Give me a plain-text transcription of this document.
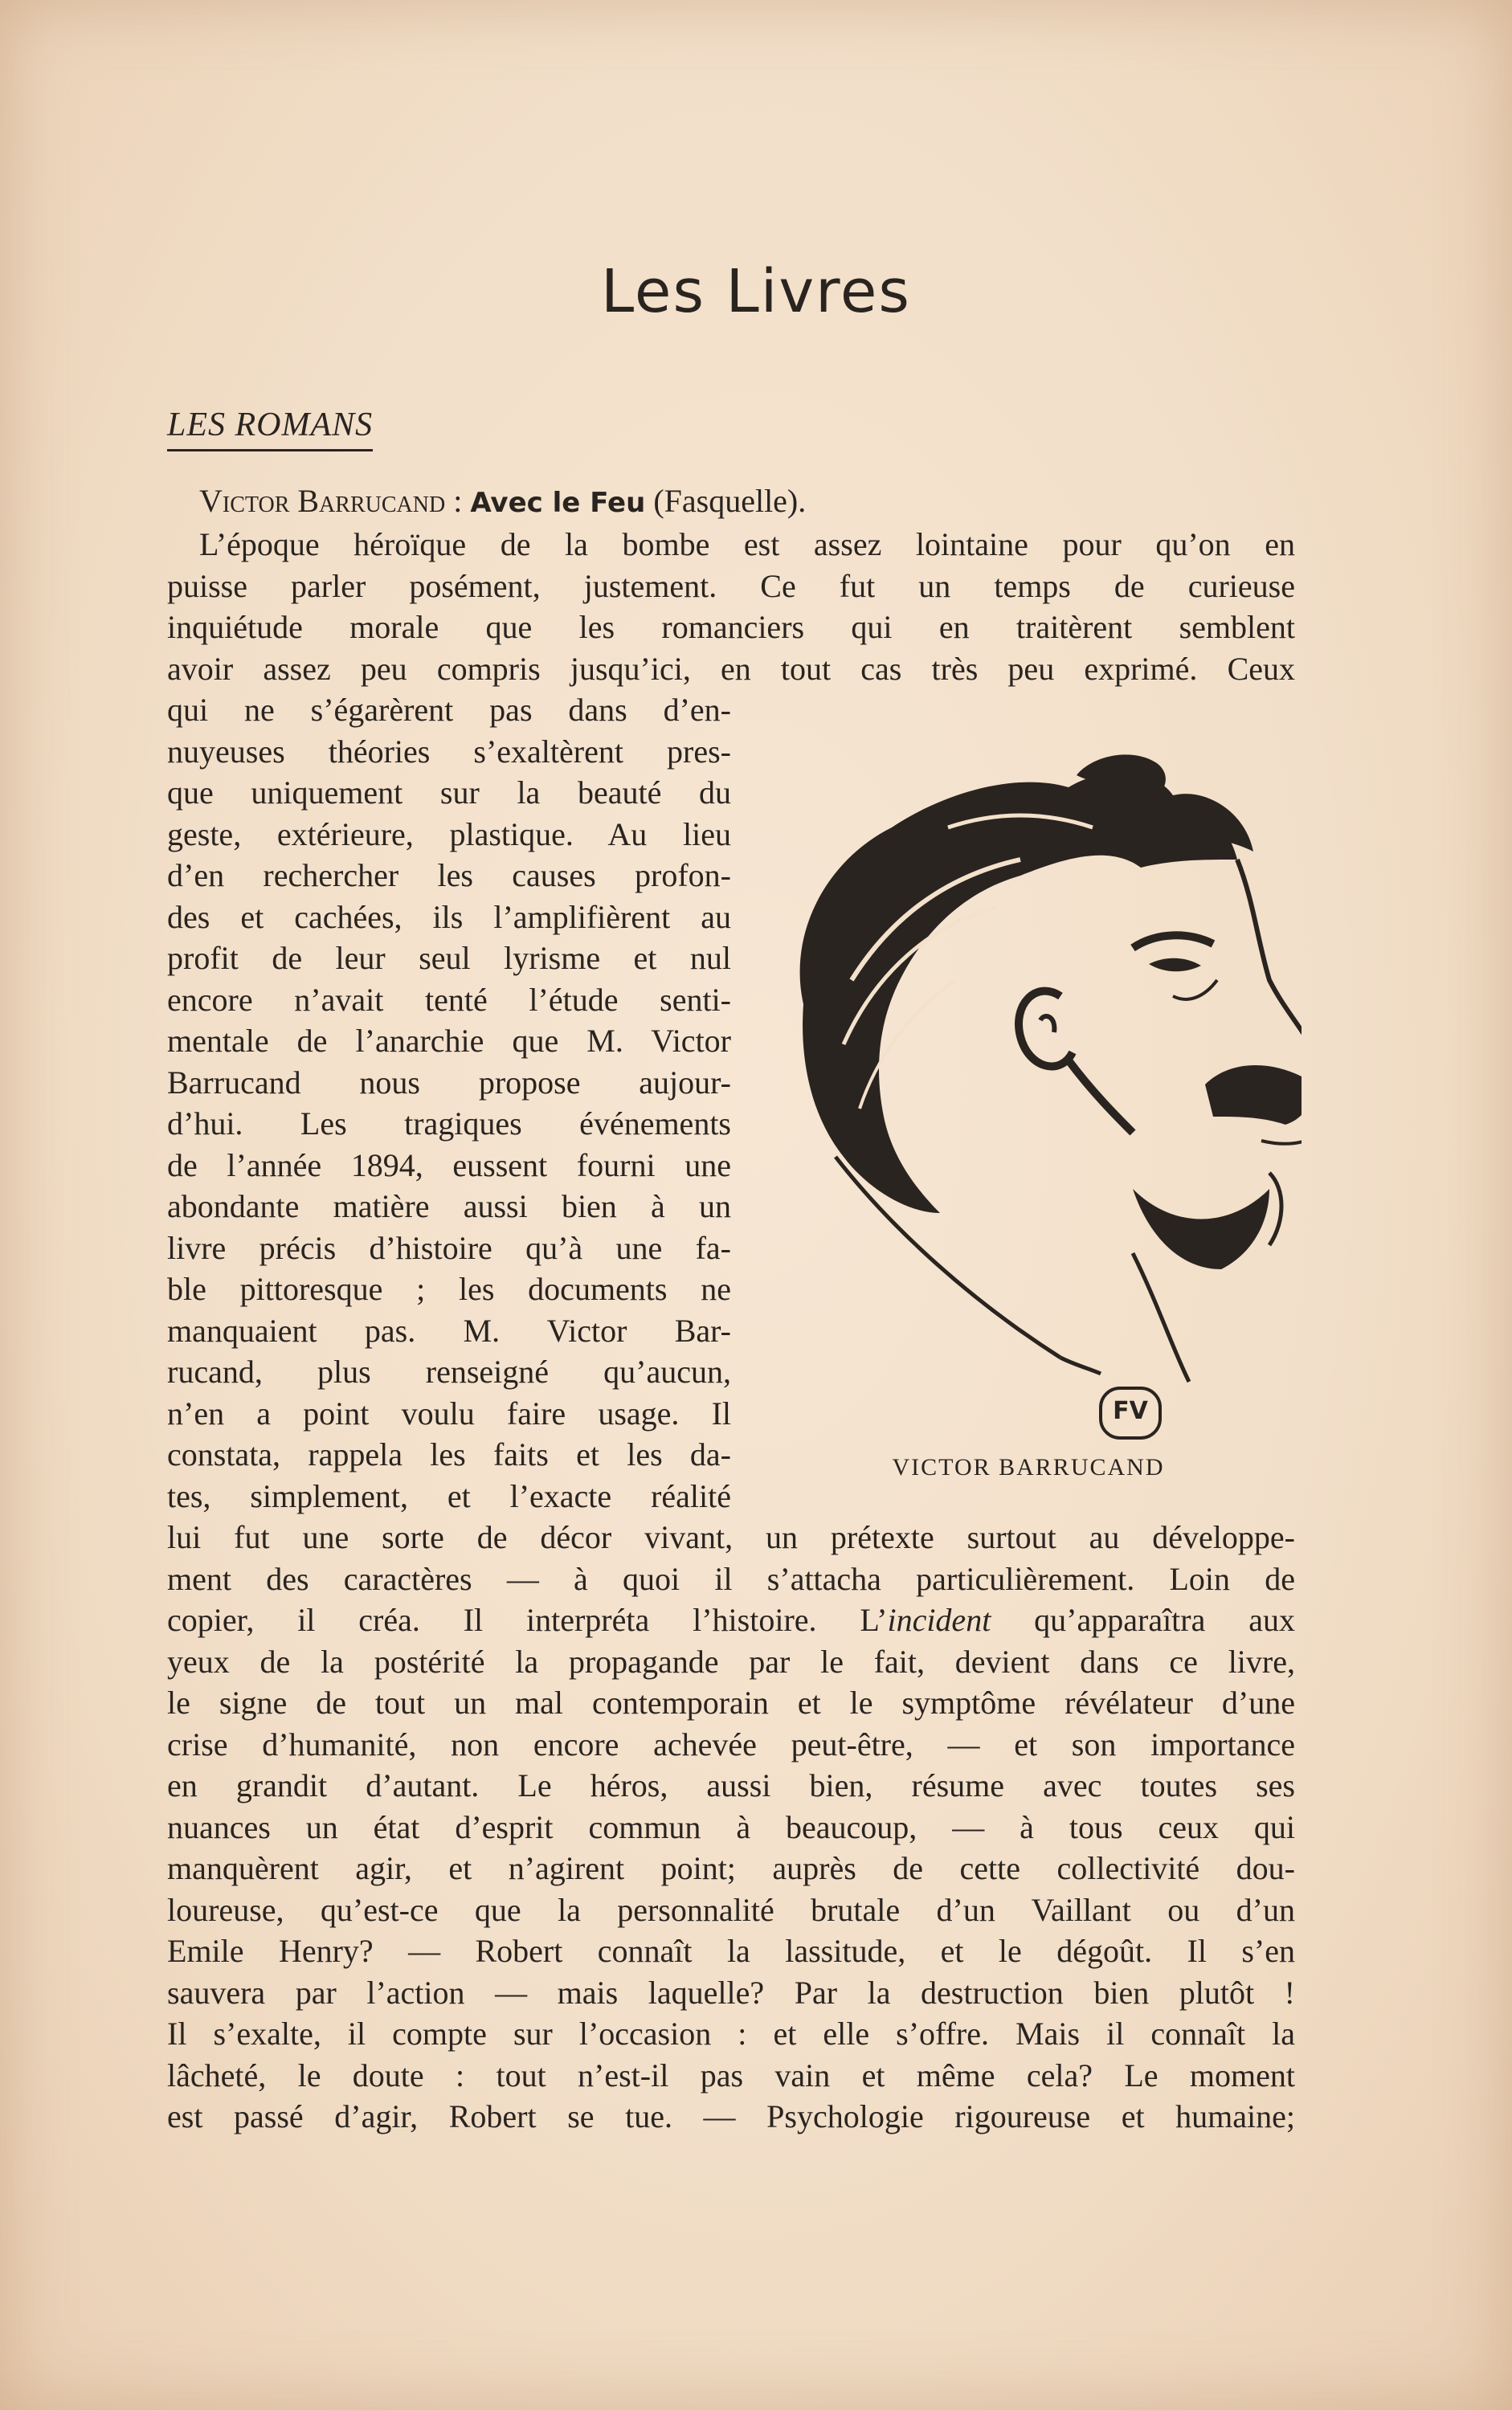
Les Livres
LES ROMANS
Victor Barrucand : Avec le Feu (Fasquelle).
L’époque héroïque de la bombe est assez lointaine pour qu’on en
puisse parler posément, justement. Ce fut un temps de curieuse
inquiétude morale que les romanciers qui en traitèrent semblent
avoir assez peu compris jusqu’ici, en tout cas très peu exprimé. Ceux
qui ne s’égarèrent pas dans d’en-
nuyeuses théories s’exaltèrent pres-
que uniquement sur la beauté du
geste, extérieure, plastique. Au lieu
d’en rechercher les causes profon-
des et cachées, ils l’amplifièrent au
profit de leur seul lyrisme et nul
encore n’avait tenté l’étude senti-
mentale de l’anarchie que M. Victor
Barrucand nous propose aujour-
d’hui. Les tragiques événements
de l’année 1894, eussent fourni une
abondante matière aussi bien à un
livre précis d’histoire qu’à une fa-
ble pittoresque ; les documents ne
manquaient pas. M. Victor Bar-
rucand, plus renseigné qu’aucun,
n’en a point voulu faire usage. Il
constata, rappela les faits et les da-
tes, simplement, et l’exacte réalité
lui fut une sorte de décor vivant, un prétexte surtout au développe-
ment des caractères — à quoi il s’attacha particulièrement. Loin de
copier, il créa. Il interpréta l’histoire. L’incident qu’apparaîtra aux
yeux de la postérité la propagande par le fait, devient dans ce livre,
le signe de tout un mal contemporain et le symptôme révélateur d’une
crise d’humanité, non encore achevée peut-être, — et son importance
en grandit d’autant. Le héros, aussi bien, résume avec toutes ses
nuances un état d’esprit commun à beaucoup, — à tous ceux qui
manquèrent agir, et n’agirent point; auprès de cette collectivité dou-
loureuse, qu’est-ce que la personnalité brutale d’un Vaillant ou d’un
Emile Henry? — Robert connaît la lassitude, et le dégoût. Il s’en
sauvera par l’action — mais laquelle? Par la destruction bien plutôt !
Il s’exalte, il compte sur l’occasion : et elle s’offre. Mais il connaît la
lâcheté, le doute : tout n’est-il pas vain et même cela? Le moment
est passé d’agir, Robert se tue. — Psychologie rigoureuse et humaine;
FV
VICTOR BARRUCAND
